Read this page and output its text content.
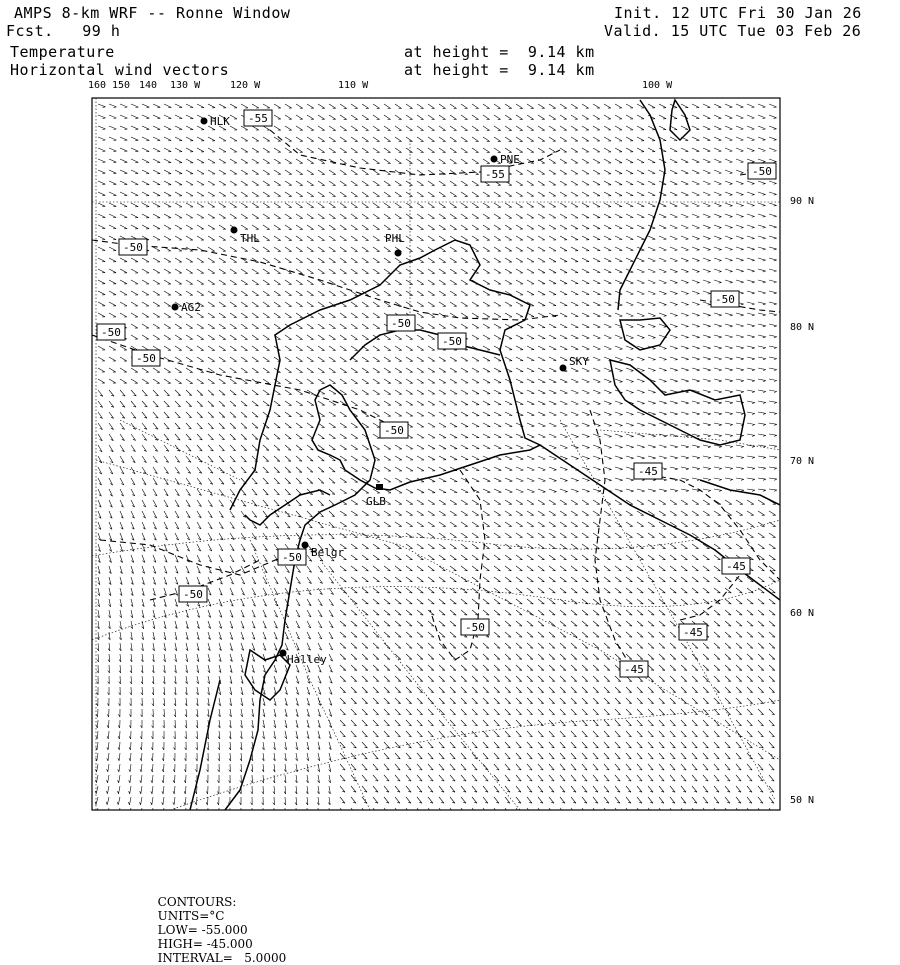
AMPS 8-km WRF -- Ronne Window
Fcst.   99 h
Init. 12 UTC Fri 30 Jan 26
Valid. 15 UTC Tue 03 Feb 26
Temperature	at height =  9.14 km
Horizontal wind vectors	at height =  9.14 km
160 150 140 130 W	120 W	110 W	100 W
90 N
80 N
70 N
60 N
50 N
HLK
PNE
THL	PHL
AG2
SKY
GLB
Belgr
Halley
-55
-55	-50
-50
-50
-50
-50
-50
-50
-50
-50
-50
-50
-45
-45
-45
-45

CONTOURS:
UNITS=°C
LOW= -55.000
HIGH= -45.000
INTERVAL=   5.0000
